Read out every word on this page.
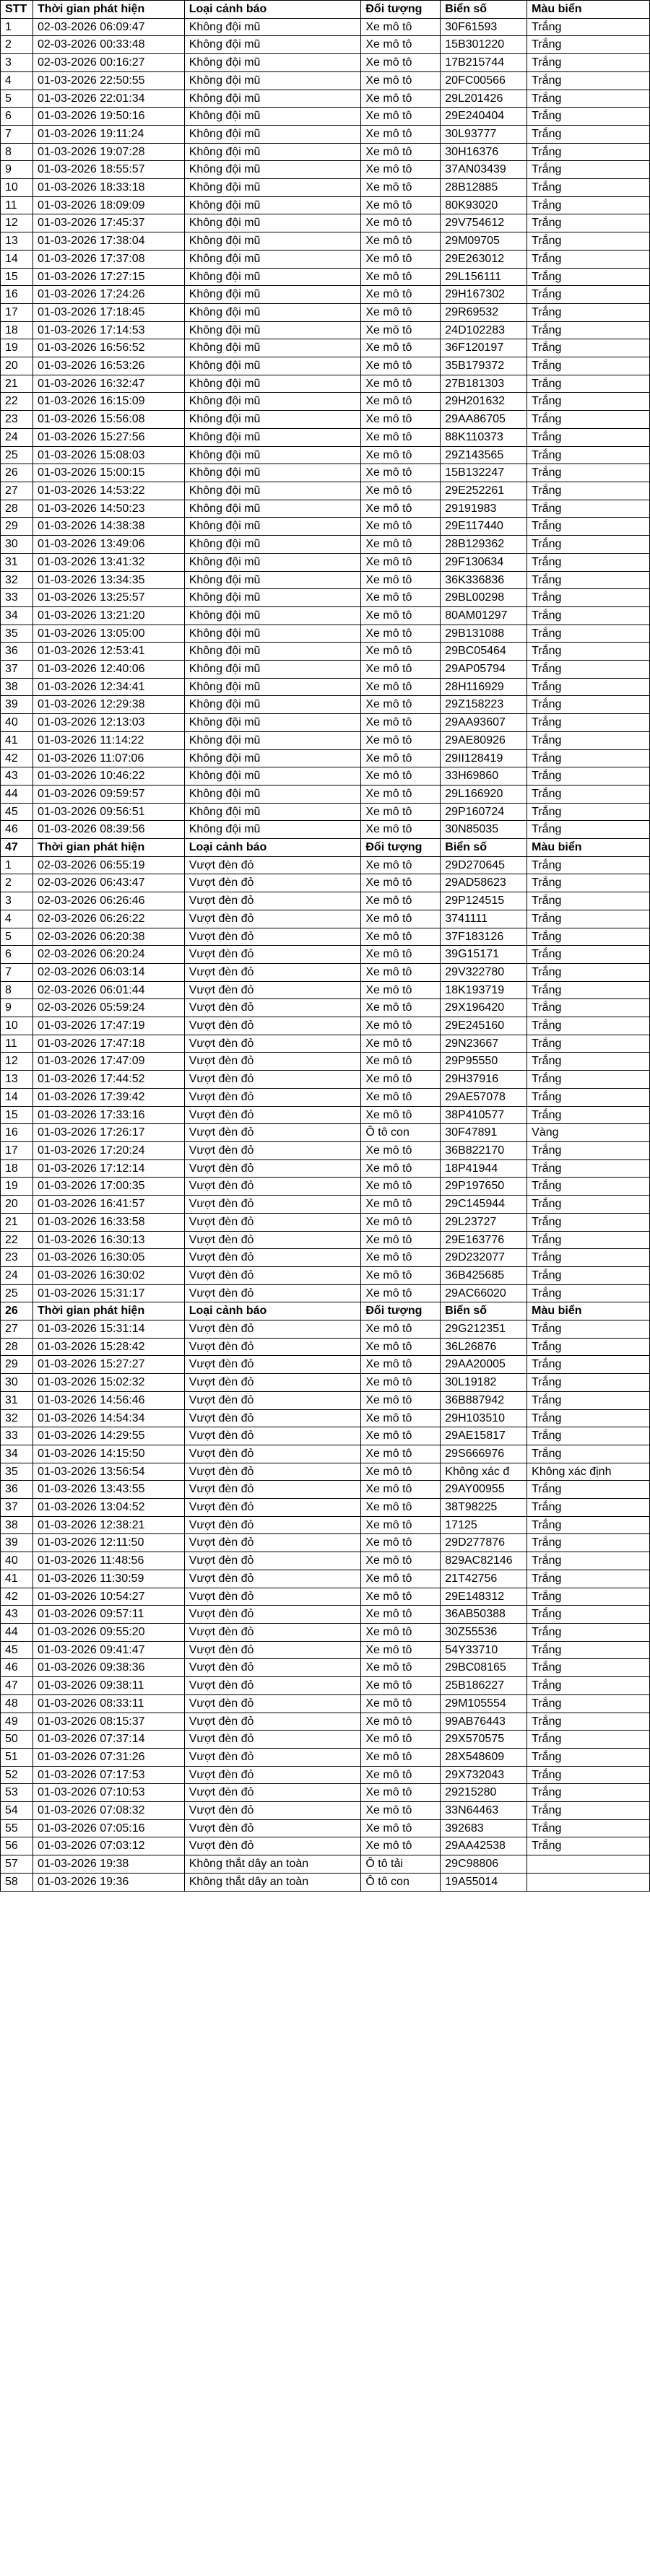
STT	Thời gian phát hiện	Loại cảnh báo	Đối tượng	Biển số	Màu biển
1	02-03-2026 06:09:47	Không đội mũ	Xe mô tô	30F61593	Trắng
2	02-03-2026 00:33:48	Không đội mũ	Xe mô tô	15B301220	Trắng
3	02-03-2026 00:16:27	Không đội mũ	Xe mô tô	17B215744	Trắng
4	01-03-2026 22:50:55	Không đội mũ	Xe mô tô	20FC00566	Trắng
5	01-03-2026 22:01:34	Không đội mũ	Xe mô tô	29L201426	Trắng
6	01-03-2026 19:50:16	Không đội mũ	Xe mô tô	29E240404	Trắng
7	01-03-2026 19:11:24	Không đội mũ	Xe mô tô	30L93777	Trắng
8	01-03-2026 19:07:28	Không đội mũ	Xe mô tô	30H16376	Trắng
9	01-03-2026 18:55:57	Không đội mũ	Xe mô tô	37AN03439	Trắng
10	01-03-2026 18:33:18	Không đội mũ	Xe mô tô	28B12885	Trắng
11	01-03-2026 18:09:09	Không đội mũ	Xe mô tô	80K93020	Trắng
12	01-03-2026 17:45:37	Không đội mũ	Xe mô tô	29V754612	Trắng
13	01-03-2026 17:38:04	Không đội mũ	Xe mô tô	29M09705	Trắng
14	01-03-2026 17:37:08	Không đội mũ	Xe mô tô	29E263012	Trắng
15	01-03-2026 17:27:15	Không đội mũ	Xe mô tô	29L156111	Trắng
16	01-03-2026 17:24:26	Không đội mũ	Xe mô tô	29H167302	Trắng
17	01-03-2026 17:18:45	Không đội mũ	Xe mô tô	29R69532	Trắng
18	01-03-2026 17:14:53	Không đội mũ	Xe mô tô	24D102283	Trắng
19	01-03-2026 16:56:52	Không đội mũ	Xe mô tô	36F120197	Trắng
20	01-03-2026 16:53:26	Không đội mũ	Xe mô tô	35B179372	Trắng
21	01-03-2026 16:32:47	Không đội mũ	Xe mô tô	27B181303	Trắng
22	01-03-2026 16:15:09	Không đội mũ	Xe mô tô	29H201632	Trắng
23	01-03-2026 15:56:08	Không đội mũ	Xe mô tô	29AA86705	Trắng
24	01-03-2026 15:27:56	Không đội mũ	Xe mô tô	88K110373	Trắng
25	01-03-2026 15:08:03	Không đội mũ	Xe mô tô	29Z143565	Trắng
26	01-03-2026 15:00:15	Không đội mũ	Xe mô tô	15B132247	Trắng
27	01-03-2026 14:53:22	Không đội mũ	Xe mô tô	29E252261	Trắng
28	01-03-2026 14:50:23	Không đội mũ	Xe mô tô	29191983	Trắng
29	01-03-2026 14:38:38	Không đội mũ	Xe mô tô	29E117440	Trắng
30	01-03-2026 13:49:06	Không đội mũ	Xe mô tô	28B129362	Trắng
31	01-03-2026 13:41:32	Không đội mũ	Xe mô tô	29F130634	Trắng
32	01-03-2026 13:34:35	Không đội mũ	Xe mô tô	36K336836	Trắng
33	01-03-2026 13:25:57	Không đội mũ	Xe mô tô	29BL00298	Trắng
34	01-03-2026 13:21:20	Không đội mũ	Xe mô tô	80AM01297	Trắng
35	01-03-2026 13:05:00	Không đội mũ	Xe mô tô	29B131088	Trắng
36	01-03-2026 12:53:41	Không đội mũ	Xe mô tô	29BC05464	Trắng
37	01-03-2026 12:40:06	Không đội mũ	Xe mô tô	29AP05794	Trắng
38	01-03-2026 12:34:41	Không đội mũ	Xe mô tô	28H116929	Trắng
39	01-03-2026 12:29:38	Không đội mũ	Xe mô tô	29Z158223	Trắng
40	01-03-2026 12:13:03	Không đội mũ	Xe mô tô	29AA93607	Trắng
41	01-03-2026 11:14:22	Không đội mũ	Xe mô tô	29AE80926	Trắng
42	01-03-2026 11:07:06	Không đội mũ	Xe mô tô	29II128419	Trắng
43	01-03-2026 10:46:22	Không đội mũ	Xe mô tô	33H69860	Trắng
44	01-03-2026 09:59:57	Không đội mũ	Xe mô tô	29L166920	Trắng
45	01-03-2026 09:56:51	Không đội mũ	Xe mô tô	29P160724	Trắng
46	01-03-2026 08:39:56	Không đội mũ	Xe mô tô	30N85035	Trắng
47	Thời gian phát hiện	Loại cảnh báo	Đối tượng	Biển số	Màu biển
1	02-03-2026 06:55:19	Vượt đèn đỏ	Xe mô tô	29D270645	Trắng
2	02-03-2026 06:43:47	Vượt đèn đỏ	Xe mô tô	29AD58623	Trắng
3	02-03-2026 06:26:46	Vượt đèn đỏ	Xe mô tô	29P124515	Trắng
4	02-03-2026 06:26:22	Vượt đèn đỏ	Xe mô tô	3741111	Trắng
5	02-03-2026 06:20:38	Vượt đèn đỏ	Xe mô tô	37F183126	Trắng
6	02-03-2026 06:20:24	Vượt đèn đỏ	Xe mô tô	39G15171	Trắng
7	02-03-2026 06:03:14	Vượt đèn đỏ	Xe mô tô	29V322780	Trắng
8	02-03-2026 06:01:44	Vượt đèn đỏ	Xe mô tô	18K193719	Trắng
9	02-03-2026 05:59:24	Vượt đèn đỏ	Xe mô tô	29X196420	Trắng
10	01-03-2026 17:47:19	Vượt đèn đỏ	Xe mô tô	29E245160	Trắng
11	01-03-2026 17:47:18	Vượt đèn đỏ	Xe mô tô	29N23667	Trắng
12	01-03-2026 17:47:09	Vượt đèn đỏ	Xe mô tô	29P95550	Trắng
13	01-03-2026 17:44:52	Vượt đèn đỏ	Xe mô tô	29H37916	Trắng
14	01-03-2026 17:39:42	Vượt đèn đỏ	Xe mô tô	29AE57078	Trắng
15	01-03-2026 17:33:16	Vượt đèn đỏ	Xe mô tô	38P410577	Trắng
16	01-03-2026 17:26:17	Vượt đèn đỏ	Ô tô con	30F47891	Vàng
17	01-03-2026 17:20:24	Vượt đèn đỏ	Xe mô tô	36B822170	Trắng
18	01-03-2026 17:12:14	Vượt đèn đỏ	Xe mô tô	18P41944	Trắng
19	01-03-2026 17:00:35	Vượt đèn đỏ	Xe mô tô	29P197650	Trắng
20	01-03-2026 16:41:57	Vượt đèn đỏ	Xe mô tô	29C145944	Trắng
21	01-03-2026 16:33:58	Vượt đèn đỏ	Xe mô tô	29L23727	Trắng
22	01-03-2026 16:30:13	Vượt đèn đỏ	Xe mô tô	29E163776	Trắng
23	01-03-2026 16:30:05	Vượt đèn đỏ	Xe mô tô	29D232077	Trắng
24	01-03-2026 16:30:02	Vượt đèn đỏ	Xe mô tô	36B425685	Trắng
25	01-03-2026 15:31:17	Vượt đèn đỏ	Xe mô tô	29AC66020	Trắng
26	Thời gian phát hiện	Loại cảnh báo	Đối tượng	Biển số	Màu biển
27	01-03-2026 15:31:14	Vượt đèn đỏ	Xe mô tô	29G212351	Trắng
28	01-03-2026 15:28:42	Vượt đèn đỏ	Xe mô tô	36L26876	Trắng
29	01-03-2026 15:27:27	Vượt đèn đỏ	Xe mô tô	29AA20005	Trắng
30	01-03-2026 15:02:32	Vượt đèn đỏ	Xe mô tô	30L19182	Trắng
31	01-03-2026 14:56:46	Vượt đèn đỏ	Xe mô tô	36B887942	Trắng
32	01-03-2026 14:54:34	Vượt đèn đỏ	Xe mô tô	29H103510	Trắng
33	01-03-2026 14:29:55	Vượt đèn đỏ	Xe mô tô	29AE15817	Trắng
34	01-03-2026 14:15:50	Vượt đèn đỏ	Xe mô tô	29S666976	Trắng
35	01-03-2026 13:56:54	Vượt đèn đỏ	Xe mô tô	Không xác đ	Không xác định
36	01-03-2026 13:43:55	Vượt đèn đỏ	Xe mô tô	29AY00955	Trắng
37	01-03-2026 13:04:52	Vượt đèn đỏ	Xe mô tô	38T98225	Trắng
38	01-03-2026 12:38:21	Vượt đèn đỏ	Xe mô tô	17125	Trắng
39	01-03-2026 12:11:50	Vượt đèn đỏ	Xe mô tô	29D277876	Trắng
40	01-03-2026 11:48:56	Vượt đèn đỏ	Xe mô tô	829AC82146	Trắng
41	01-03-2026 11:30:59	Vượt đèn đỏ	Xe mô tô	21T42756	Trắng
42	01-03-2026 10:54:27	Vượt đèn đỏ	Xe mô tô	29E148312	Trắng
43	01-03-2026 09:57:11	Vượt đèn đỏ	Xe mô tô	36AB50388	Trắng
44	01-03-2026 09:55:20	Vượt đèn đỏ	Xe mô tô	30Z55536	Trắng
45	01-03-2026 09:41:47	Vượt đèn đỏ	Xe mô tô	54Y33710	Trắng
46	01-03-2026 09:38:36	Vượt đèn đỏ	Xe mô tô	29BC08165	Trắng
47	01-03-2026 09:38:11	Vượt đèn đỏ	Xe mô tô	25B186227	Trắng
48	01-03-2026 08:33:11	Vượt đèn đỏ	Xe mô tô	29M105554	Trắng
49	01-03-2026 08:15:37	Vượt đèn đỏ	Xe mô tô	99AB76443	Trắng
50	01-03-2026 07:37:14	Vượt đèn đỏ	Xe mô tô	29X570575	Trắng
51	01-03-2026 07:31:26	Vượt đèn đỏ	Xe mô tô	28X548609	Trắng
52	01-03-2026 07:17:53	Vượt đèn đỏ	Xe mô tô	29X732043	Trắng
53	01-03-2026 07:10:53	Vượt đèn đỏ	Xe mô tô	29215280	Trắng
54	01-03-2026 07:08:32	Vượt đèn đỏ	Xe mô tô	33N64463	Trắng
55	01-03-2026 07:05:16	Vượt đèn đỏ	Xe mô tô	392683	Trắng
56	01-03-2026 07:03:12	Vượt đèn đỏ	Xe mô tô	29AA42538	Trắng
57	01-03-2026 19:38	Không thắt dây an toàn	Ô tô tải	29C98806	
58	01-03-2026 19:36	Không thắt dây an toàn	Ô tô con	19A55014	
